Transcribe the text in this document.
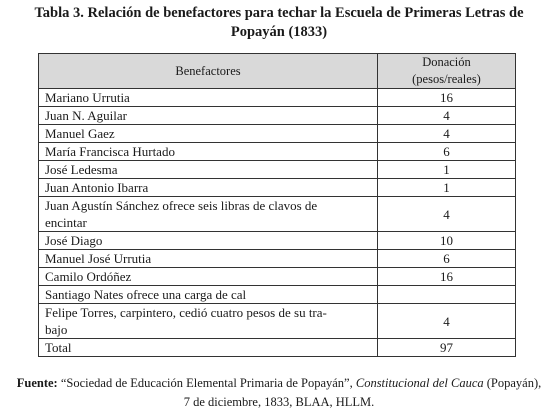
Tabla 3. Relación de benefactores para techar la Escuela de Primeras Letras de
Popayán (1833)
Benefactores	Donación
(pesos/reales)

Mariano Urrutia	16

Juan N. Aguilar	4

Manuel Gaez	4

María Francisca Hurtado	6

José Ledesma	1

Juan Antonio Ibarra	1

Juan Agustín Sánchez ofrece seis libras de clavos de
encintar	4

José Diago	10

Manuel José Urrutia	6

Camilo Ordóñez	16

Santiago Nates ofrece una carga de cal	

Felipe Torres, carpintero, cedió cuatro pesos de su tra-
bajo	4
Total	97
Fuente: “Sociedad de Educación Elemental Primaria de Popayán”, Constitucional del Cauca (Popayán),
7 de diciembre, 1833, BLAA, HLLM.
